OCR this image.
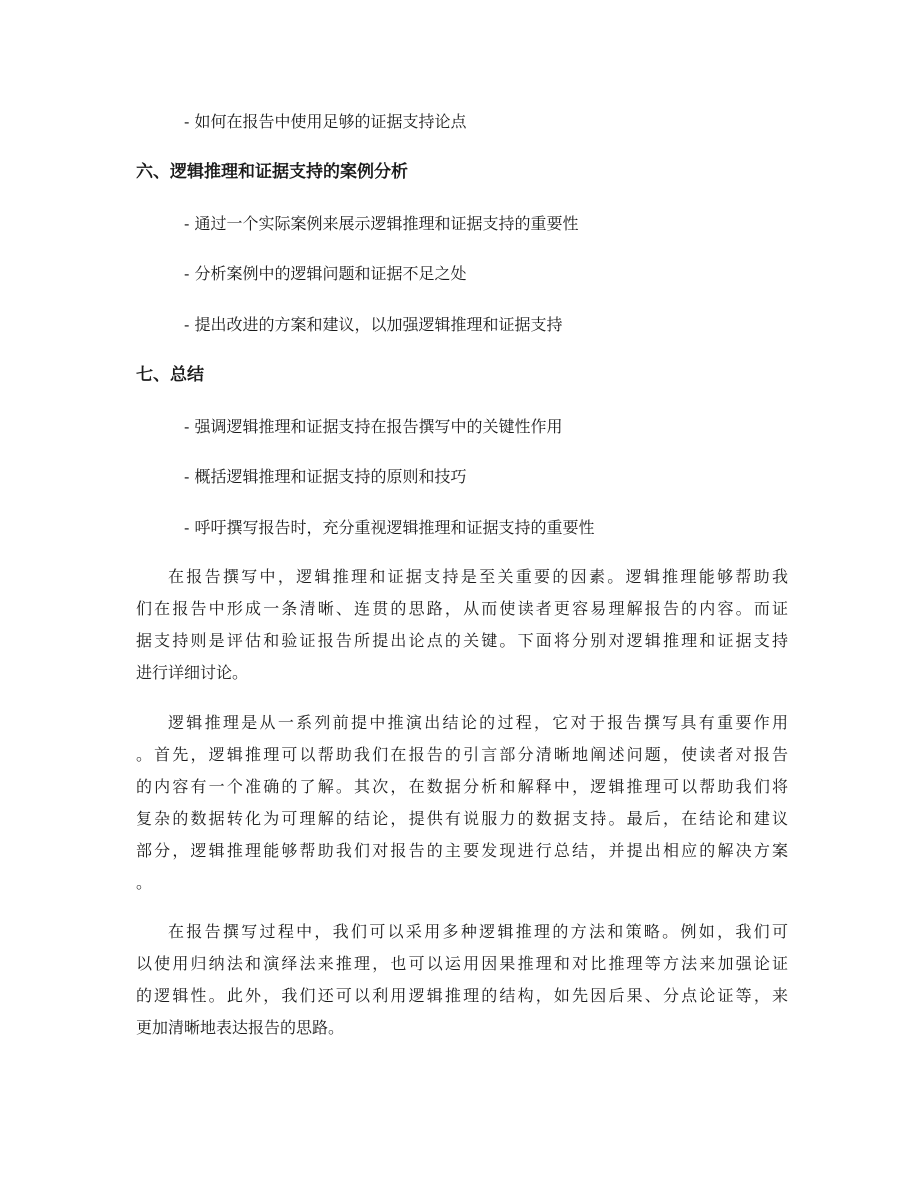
- 如何在报告中使用足够的证据支持论点
六、逻辑推理和证据支持的案例分析
- 通过一个实际案例来展示逻辑推理和证据支持的重要性
- 分析案例中的逻辑问题和证据不足之处
- 提出改进的方案和建议，以加强逻辑推理和证据支持
七、总结
- 强调逻辑推理和证据支持在报告撰写中的关键性作用
- 概括逻辑推理和证据支持的原则和技巧
- 呼吁撰写报告时，充分重视逻辑推理和证据支持的重要性
在报告撰写中，逻辑推理和证据支持是至关重要的因素。逻辑推理能够帮助我
们在报告中形成一条清晰、连贯的思路，从而使读者更容易理解报告的内容。而证
据支持则是评估和验证报告所提出论点的关键。下面将分别对逻辑推理和证据支持
进行详细讨论。
逻辑推理是从一系列前提中推演出结论的过程，它对于报告撰写具有重要作用
。首先，逻辑推理可以帮助我们在报告的引言部分清晰地阐述问题，使读者对报告
的内容有一个准确的了解。其次，在数据分析和解释中，逻辑推理可以帮助我们将
复杂的数据转化为可理解的结论，提供有说服力的数据支持。最后，在结论和建议
部分，逻辑推理能够帮助我们对报告的主要发现进行总结，并提出相应的解决方案
。
在报告撰写过程中，我们可以采用多种逻辑推理的方法和策略。例如，我们可
以使用归纳法和演绎法来推理，也可以运用因果推理和对比推理等方法来加强论证
的逻辑性。此外，我们还可以利用逻辑推理的结构，如先因后果、分点论证等，来
更加清晰地表达报告的思路。
